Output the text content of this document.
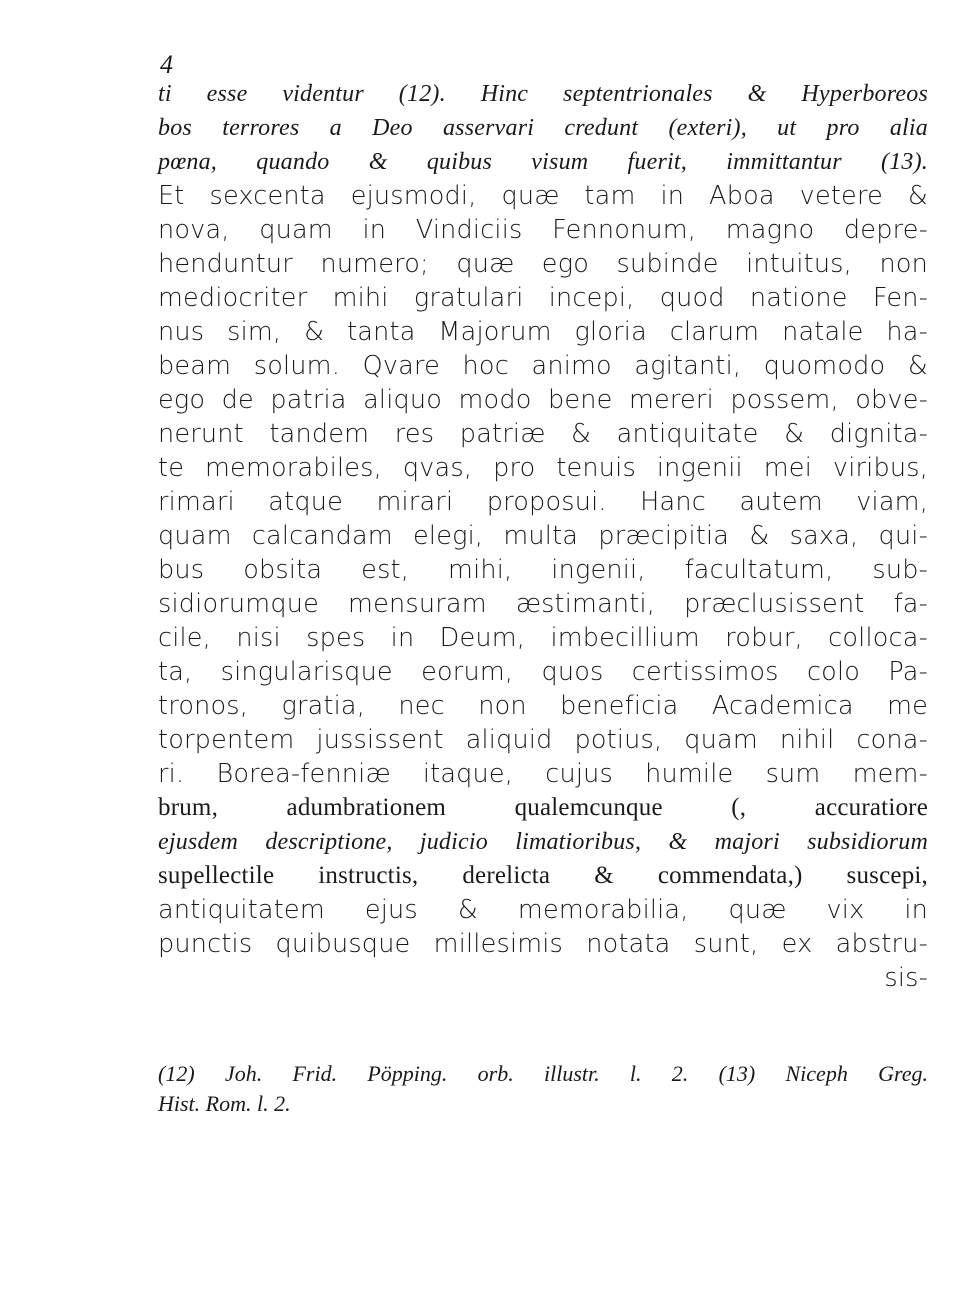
4
ti esse videntur (12). Hinc septentrionales & Hyperboreos
bos terrores a Deo asservari credunt (exteri), ut pro alia
pœna, quando & quibus visum fuerit, immittantur (13).
Et sexcenta ejusmodi, quæ tam in Aboa vetere &
nova, quam in Vindiciis Fennonum, magno depre-
henduntur numero; quæ ego subinde intuitus, non
mediocriter mihi gratulari incepi, quod natione Fen-
nus sim, & tanta Majorum gloria clarum natale ha-
beam solum. Qvare hoc animo agitanti, quomodo &
ego de patria aliquo modo bene mereri possem, obve-
nerunt tandem res patriæ & antiquitate & dignita-
te memorabiles, qvas, pro tenuis ingenii mei viribus,
rimari atque mirari proposui. Hanc autem viam,
quam calcandam elegi, multa præcipitia & saxa, qui-
bus obsita est, mihi, ingenii, facultatum, sub-
sidiorumque mensuram æstimanti, præclusissent fa-
cile, nisi spes in Deum, imbecillium robur, colloca-
ta, singularisque eorum, quos certissimos colo Pa-
tronos, gratia, nec non beneficia Academica me
torpentem jussissent aliquid potius, quam nihil cona-
ri. Borea-fenniæ itaque, cujus humile sum mem-
brum, adumbrationem qualemcunque (, accuratiore
ejusdem descriptione, judicio limatioribus, & majori subsidiorum
supellectile instructis, derelicta & commendata,) suscepi,
antiquitatem ejus & memorabilia, quæ vix in
punctis quibusque millesimis notata sunt, ex abstru-
sis-
(12) Joh. Frid. Pöpping. orb. illustr. l. 2. (13) Niceph Greg.
Hist. Rom. l. 2.
